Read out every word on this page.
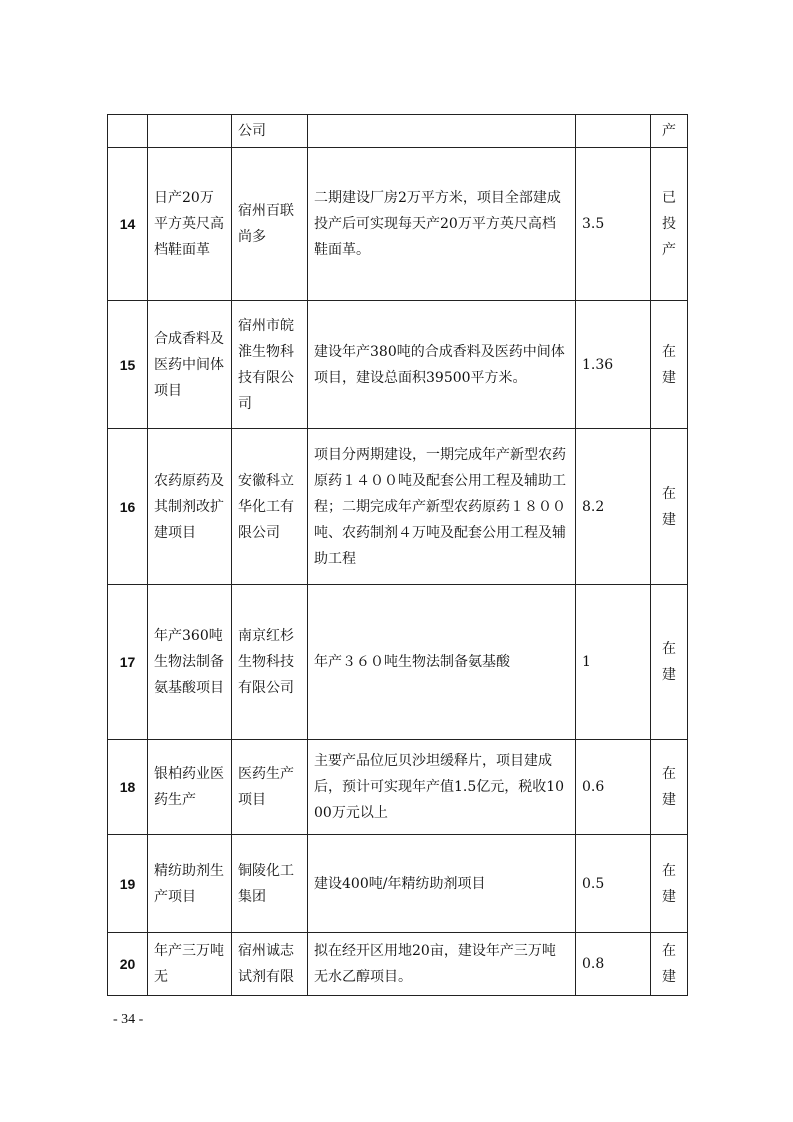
		公司			产
14	日产20万平方英尺高档鞋面革	宿州百联尚多	二期建设厂房2万平方米，项目全部建成投产后可实现每天产20万平方英尺高档鞋面革。	3.5	已投产
15	合成香料及医药中间体项目	宿州市皖淮生物科技有限公司	建设年产380吨的合成香料及医药中间体项目，建设总面积39500平方米。	1.36	在建
16	农药原药及其制剂改扩建项目	安徽科立华化工有限公司	项目分两期建设，一期完成年产新型农药原药１４００吨及配套公用工程及辅助工程；二期完成年产新型农药原药１８００吨、农药制剂４万吨及配套公用工程及辅助工程	8.2	在建
17	年产360吨生物法制备氨基酸项目	南京红杉生物科技有限公司	年产３６０吨生物法制备氨基酸	1	在建
18	银柏药业医药生产	医药生产项目	主要产品位厄贝沙坦缓释片，项目建成后，预计可实现年产值1.5亿元，税收1000万元以上	0.6	在建
19	精纺助剂生产项目	铜陵化工集团	建设400吨/年精纺助剂项目	0.5	在建
20	年产三万吨无	宿州诚志试剂有限	拟在经开区用地20亩，建设年产三万吨无水乙醇项目。	0.8	在建
- 34 -
